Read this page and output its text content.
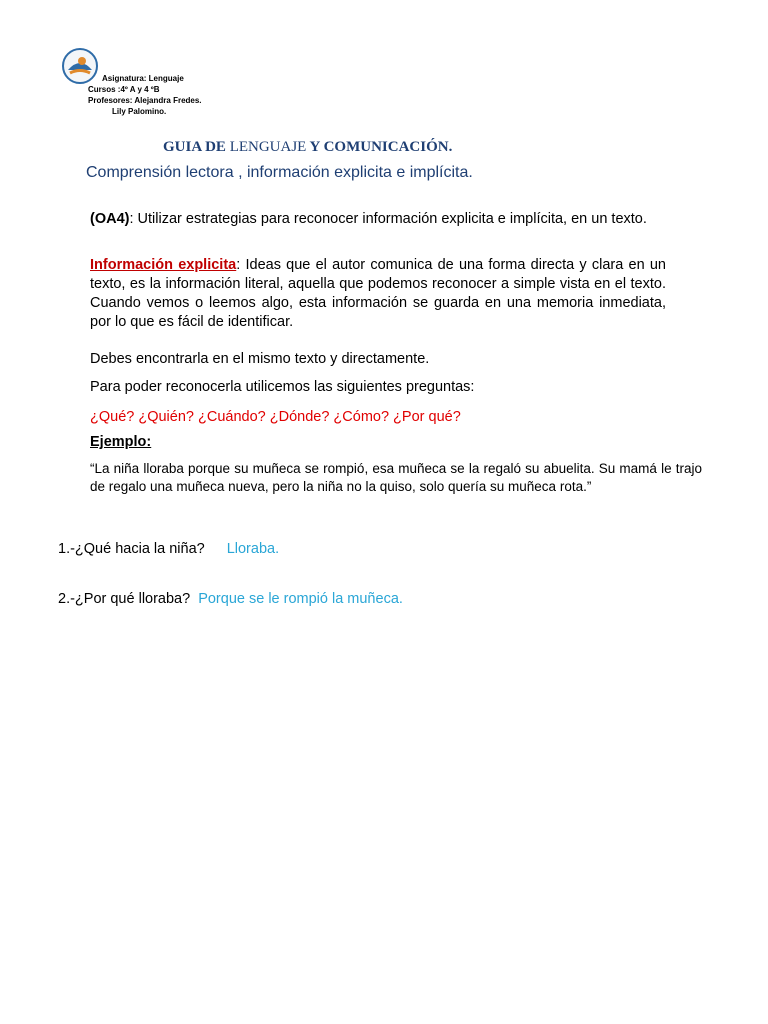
Asignatura: Lenguaje
Cursos :4º A y 4 ºB
Profesores: Alejandra Fredes.
Lily Palomino.
GUIA DE LENGUAJE Y COMUNICACIÓN.
Comprensión lectora , información explicita e implícita.
(OA4): Utilizar estrategias para reconocer información explicita e implícita, en un texto.
Información explicita: Ideas que el autor comunica de una forma directa y clara en un texto, es la información literal, aquella que podemos reconocer a simple vista en el texto. Cuando vemos o leemos algo, esta información se guarda en una memoria inmediata, por lo que es fácil de identificar.
Debes encontrarla en el mismo texto y directamente.
Para poder reconocerla utilicemos las siguientes preguntas:
¿Qué? ¿Quién? ¿Cuándo? ¿Dónde? ¿Cómo? ¿Por qué?
Ejemplo:
“La niña lloraba porque su muñeca se rompió, esa muñeca se la regaló su abuelita. Su mamá le trajo de regalo una muñeca nueva, pero la niña no la quiso, solo quería su muñeca rota.”
1.-¿Qué hacia la niña? Lloraba.
2.-¿Por qué lloraba? Porque se le rompió la muñeca.
